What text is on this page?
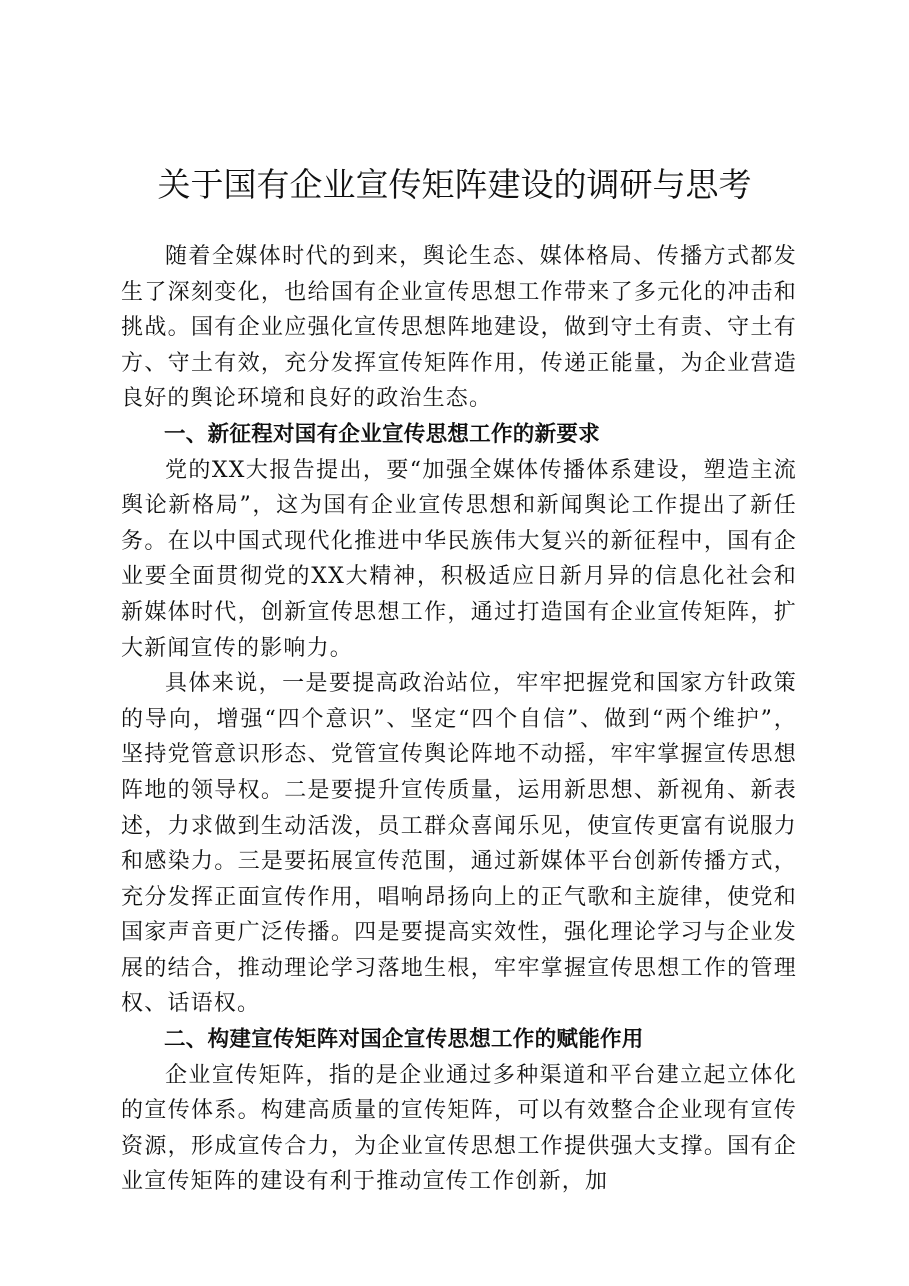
关于国有企业宣传矩阵建设的调研与思考

随着全媒体时代的到来，舆论生态、媒体格局、传播方式都发生了深刻变化，也给国有企业宣传思想工作带来了多元化的冲击和挑战。国有企业应强化宣传思想阵地建设，做到守土有责、守土有方、守土有效，充分发挥宣传矩阵作用，传递正能量，为企业营造良好的舆论环境和良好的政治生态。

一、新征程对国有企业宣传思想工作的新要求

党的XX大报告提出，要“加强全媒体传播体系建设，塑造主流舆论新格局”，这为国有企业宣传思想和新闻舆论工作提出了新任务。在以中国式现代化推进中华民族伟大复兴的新征程中，国有企业要全面贯彻党的XX大精神，积极适应日新月异的信息化社会和新媒体时代，创新宣传思想工作，通过打造国有企业宣传矩阵，扩大新闻宣传的影响力。

具体来说，一是要提高政治站位，牢牢把握党和国家方针政策的导向，增强“四个意识”、坚定“四个自信”、做到“两个维护”，坚持党管意识形态、党管宣传舆论阵地不动摇，牢牢掌握宣传思想阵地的领导权。二是要提升宣传质量，运用新思想、新视角、新表述，力求做到生动活泼，员工群众喜闻乐见，使宣传更富有说服力和感染力。三是要拓展宣传范围，通过新媒体平台创新传播方式，充分发挥正面宣传作用，唱响昂扬向上的正气歌和主旋律，使党和国家声音更广泛传播。四是要提高实效性，强化理论学习与企业发展的结合，推动理论学习落地生根，牢牢掌握宣传思想工作的管理权、话语权。

二、构建宣传矩阵对国企宣传思想工作的赋能作用

企业宣传矩阵，指的是企业通过多种渠道和平台建立起立体化的宣传体系。构建高质量的宣传矩阵，可以有效整合企业现有宣传资源，形成宣传合力，为企业宣传思想工作提供强大支撑。国有企业宣传矩阵的建设有利于推动宣传工作创新，加
